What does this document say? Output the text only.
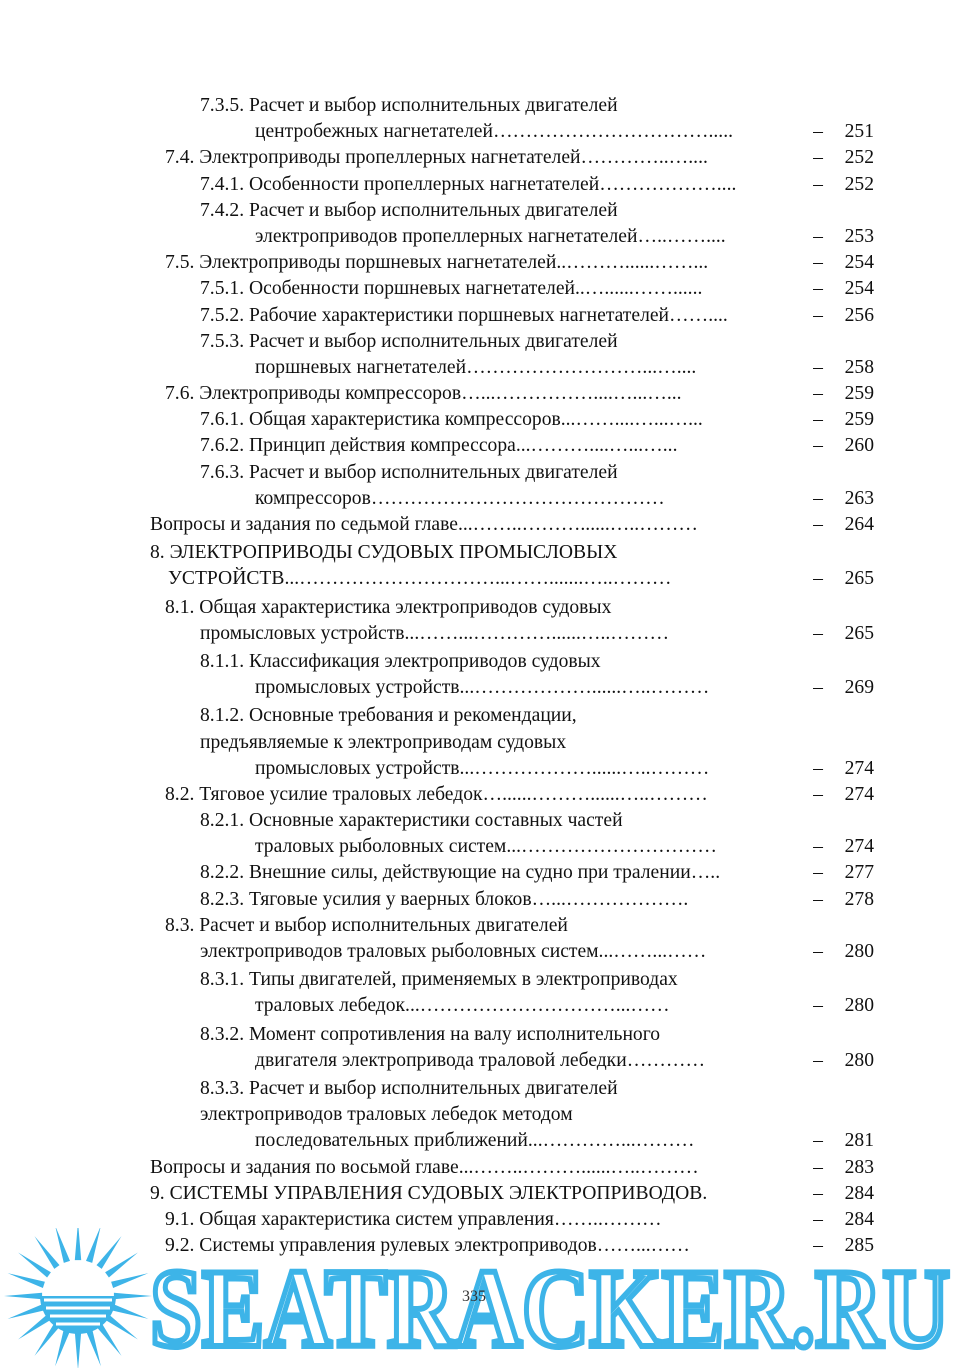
7.3.5. Расчет и выбор исполнительных двигателей
центробежных нагнетателей…………………………….....	–	251
7.4. Электроприводы пропеллерных нагнетателей…………..…....	–	252
7.4.1. Особенности пропеллерных нагнетателей………………....	–	252
7.4.2. Расчет и выбор исполнительных двигателей
электроприводов пропеллерных нагнетателей…..……....	–	253
7.5. Электроприводы поршневых нагнетателей..………......……...	–	254
7.5.1. Особенности поршневых нагнетателей..…......……......	–	254
7.5.2. Рабочие характеристики поршневых нагнетателей……....	–	256
7.5.3. Расчет и выбор исполнительных двигателей
поршневых нагнетателей………………………...…....	–	258
7.6. Электроприводы компрессоров…...……………....…...…...	–	259
7.6.1. Общая характеристика компрессоров...……....…...…...	–	259
7.6.2. Принцип действия компрессора...………....…...…...	–	260
7.6.3. Расчет и выбор исполнительных двигателей
компрессоров………………………………………	–	263
Вопросы и задания по седьмой главе...……..………......…..………	–	264
8. ЭЛЕКТРОПРИВОДЫ СУДОВЫХ ПРОМЫСЛОВЫХ
УСТРОЙСТВ...…………………………...…….......…..………	–	265
8.1. Общая характеристика электроприводов судовых
промысловых устройств...……...…………......…..………	–	265
8.1.1. Классификация электроприводов судовых
промысловых устройств...………………......…..………	–	269
8.1.2. Основные требования и рекомендации,
предъявляемые к электроприводам судовых
промысловых устройств...………………......…..………	–	274
8.2. Тяговое усилие траловых лебедок…......………......…..………	–	274
8.2.1. Основные характеристики составных частей
траловых рыболовных систем...…………………………	–	274
8.2.2. Внешние силы, действующие на судно при тралении…..	–	277
8.2.3. Тяговые усилия у ваерных блоков…...……………….	–	278
8.3. Расчет и выбор исполнительных двигателей
электроприводов траловых рыболовных систем...……...……	–	280
8.3.1. Типы двигателей, применяемых в электроприводах
траловых лебедок...…………………………...……	–	280
8.3.2. Момент сопротивления на валу исполнительного
двигателя электропривода траловой лебедки…………	–	280
8.3.3. Расчет и выбор исполнительных двигателей
электроприводов траловых лебедок методом
последовательных приближений...…………...………	–	281
Вопросы и задания по восьмой главе...……..………......…..………	–	283
9. СИСТЕМЫ УПРАВЛЕНИЯ СУДОВЫХ ЭЛЕКТРОПРИВОДОВ.	–	284
9.1. Общая характеристика систем управления……..………	–	284
9.2. Системы управления рулевых электроприводов……...……	–	285
SEATRACKER.RU
335
